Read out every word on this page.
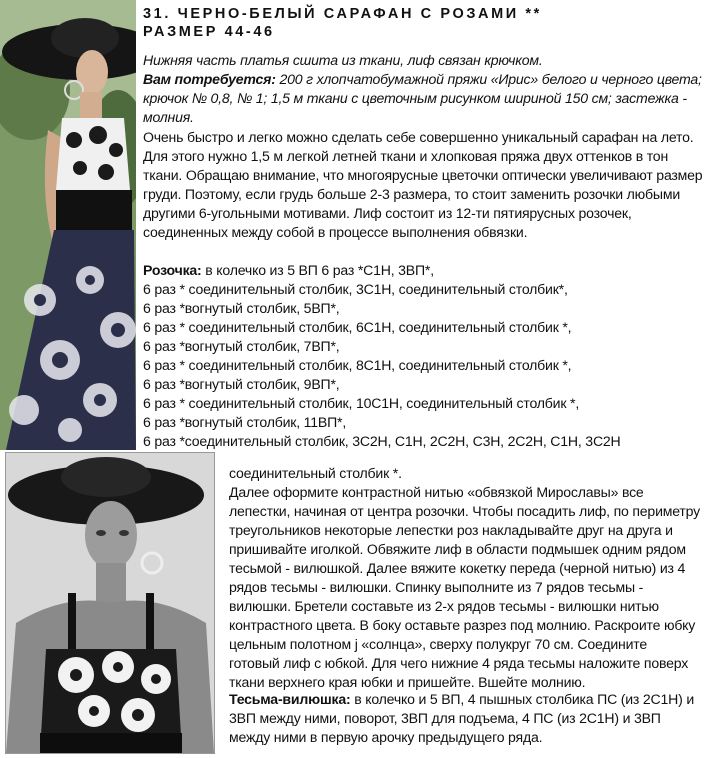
31. ЧЕРНО-БЕЛЫЙ САРАФАН С РОЗАМИ **
РАЗМЕР 44-46

Нижняя часть платья сшита из ткани, лиф связан крючком.

Вам потребуется: 200 г хлопчатобумажной пряжи «Ирис» белого и черного цвета; крючок № 0,8, № 1; 1,5 м ткани с цветочным рисунком шириной 150 см; застежка - молния.

Очень быстро и легко можно сделать себе совершенно уникальный сарафан на лето. Для этого нужно 1,5 м легкой летней ткани и хлопковая пряжа двух оттенков в тон ткани. Обращаю внимание, что многоярусные цветочки оптически увеличивают размер груди. Поэтому, если грудь больше 2-3 размера, то стоит заменить розочки любыми другими 6-угольными мотивами. Лиф состоит из 12-ти пятиярусных розочек, соединенных между собой в процессе выполнения обвязки.
Розочка: в колечко из 5 ВП 6 раз *С1Н, 3ВП*,
6 раз * соединительный столбик, 3С1Н, соединительный столбик*,
6 раз *вогнутый столбик, 5ВП*,
6 раз * соединительный столбик, 6С1Н, соединительный столбик *,
6 раз *вогнутый столбик, 7ВП*,
6 раз * соединительный столбик, 8С1Н, соединительный столбик *,
6 раз *вогнутый столбик, 9ВП*,
6 раз * соединительный столбик, 10С1Н, соединительный столбик *,
6 раз *вогнутый столбик, 11ВП*,
6 раз *соединительный столбик, 3С2Н, С1Н, 2С2Н, С3Н, 2С2Н, С1Н, 3С2Н
соединительный столбик *.

Далее оформите контрастной нитью «обвязкой Мирославы» все лепестки, начиная от центра розочки. Чтобы посадить лиф, по периметру треугольников некоторые лепестки роз накладывайте друг на друга и пришивайте иголкой. Обвяжите лиф в области подмышек одним рядом тесьмой - вилюшкой. Далее вяжите кокетку переда (черной нитью) из 4 рядов тесьмы - вилюшки. Спинку выполните из 7 рядов тесьмы - вилюшки. Бретели составьте из 2-х рядов тесьмы - вилюшки нитью контрастного цвета. В боку оставьте разрез под молнию. Раскроите юбку цельным полотном j «солнца», сверху полукруг 70 см. Соедините готовый лиф с юбкой. Для чего нижние 4 ряда тесьмы наложите поверх ткани верхнего края юбки и пришейте. Вшейте молнию.

Тесьма-вилюшка: в колечко и 5 ВП, 4 пышных столбика ПС (из 2С1Н) и 3ВП между ними, поворот, 3ВП для подъема, 4 ПС (из 2С1Н) и 3ВП между ними в первую арочку предыдущего ряда.
